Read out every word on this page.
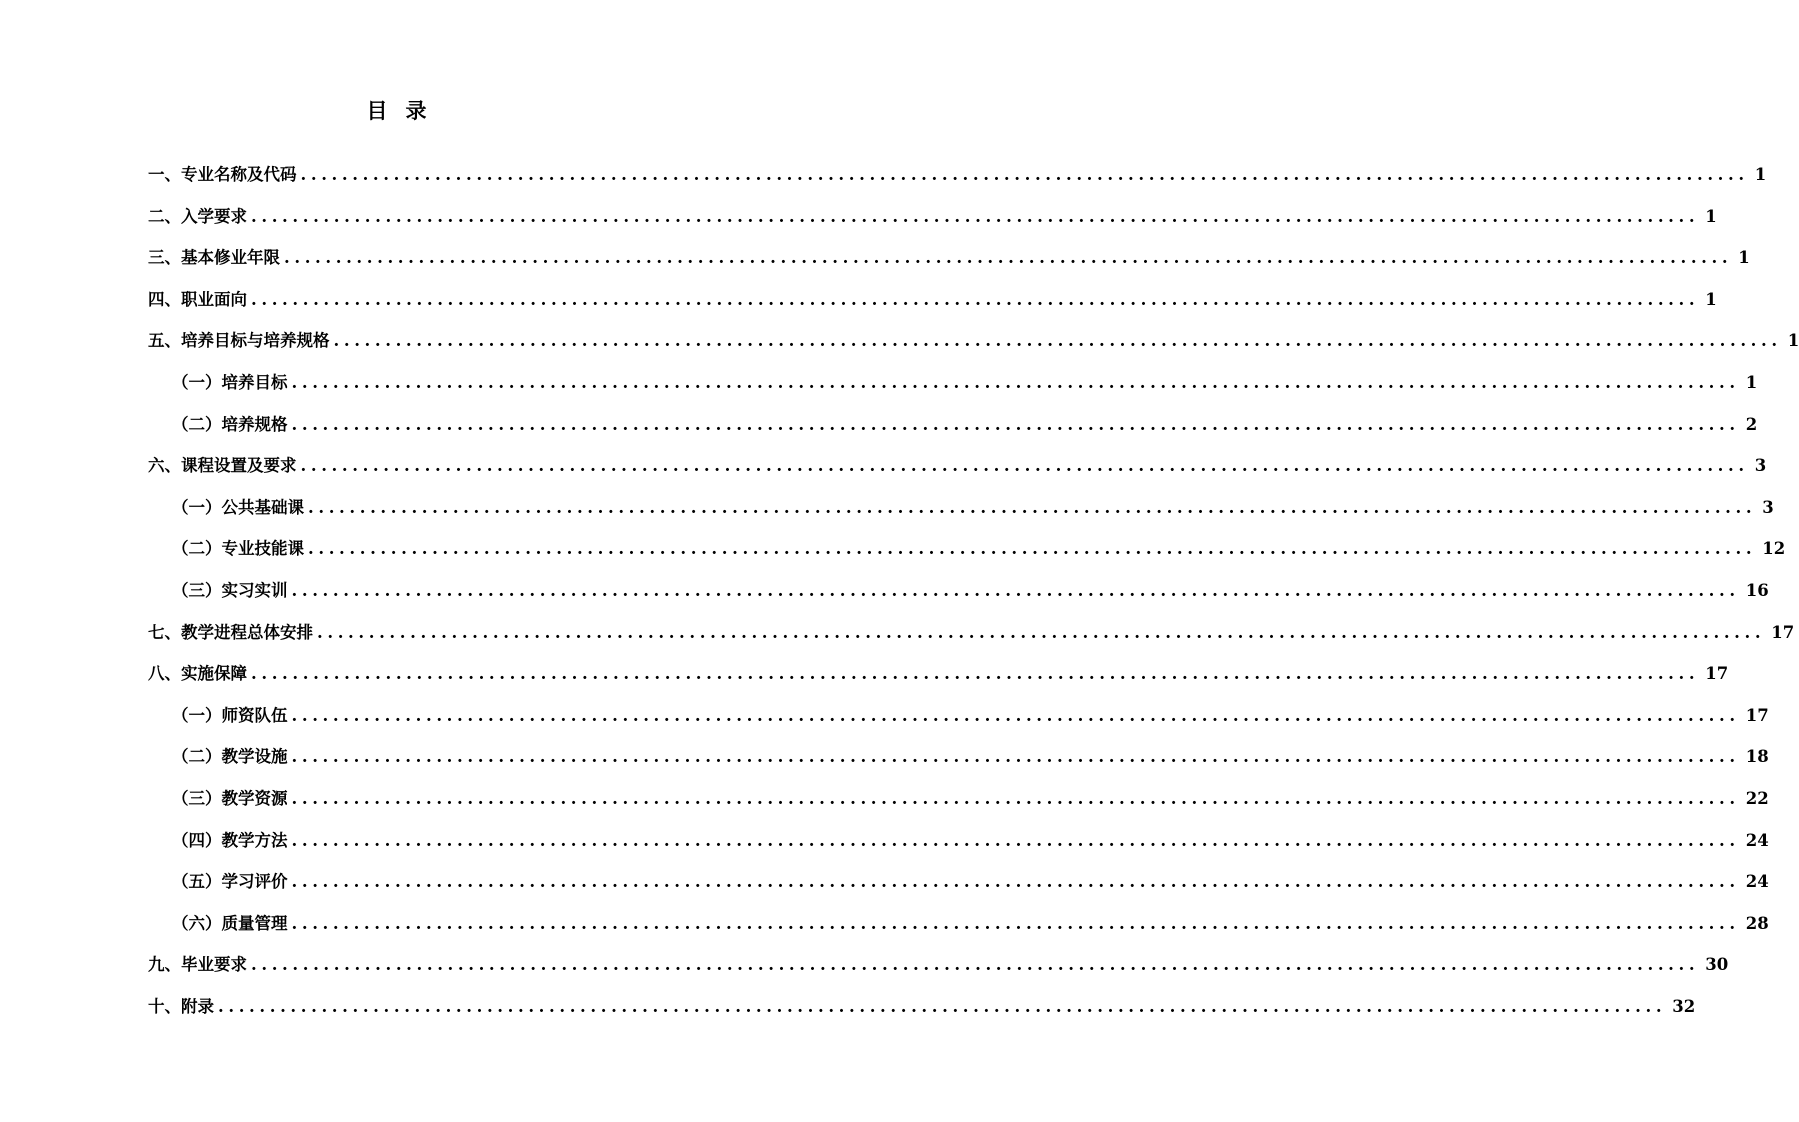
目 录
一、专业名称及代码 ............................................................................................................................................ 1
二、入学要求 ............................................................................................................................................ 1
三、基本修业年限 ............................................................................................................................................ 1
四、职业面向 ............................................................................................................................................ 1
五、培养目标与培养规格 ............................................................................................................................................ 1
（一）培养目标 ............................................................................................................................................ 1
（二）培养规格 ............................................................................................................................................ 2
六、课程设置及要求 ............................................................................................................................................ 3
（一）公共基础课 ............................................................................................................................................ 3
（二）专业技能课 ............................................................................................................................................ 12
（三）实习实训 ............................................................................................................................................ 16
七、教学进程总体安排 ............................................................................................................................................ 17
八、实施保障 ............................................................................................................................................ 17
（一）师资队伍 ............................................................................................................................................ 17
（二）教学设施 ............................................................................................................................................ 18
（三）教学资源 ............................................................................................................................................ 22
（四）教学方法 ............................................................................................................................................ 24
（五）学习评价 ............................................................................................................................................ 24
（六）质量管理 ............................................................................................................................................ 28
九、毕业要求 ............................................................................................................................................ 30
十、附录 ............................................................................................................................................ 32
